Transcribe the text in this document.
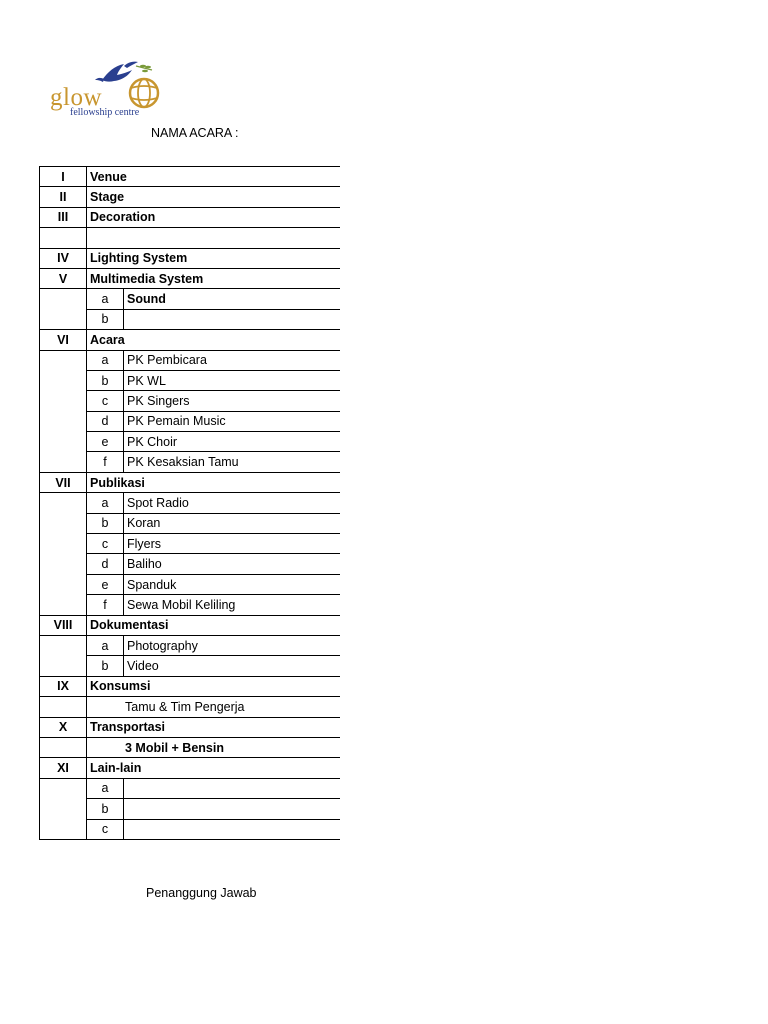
glow
fellowship centre
NAMA ACARA :
I	Venue	
II	Stage	
III	Decoration	

IV	Lighting System	
V	Multimedia System	
	a	Sound
	b	
VI	Acara	
	a	PK Pembicara
	b	PK WL
	c	PK Singers
	d	PK Pemain Music
	e	PK Choir
	f	PK Kesaksian Tamu
VII	Publikasi	
	a	Spot Radio
	b	Koran
	c	Flyers
	d	Baliho
	e	Spanduk
	f	Sewa Mobil Keliling
VIII	Dokumentasi	
	a	Photography
	b	Video
IX	Konsumsi	
	Tamu & Tim Pengerja	
X	Transportasi	
	3 Mobil + Bensin	
XI	Lain-lain	
	a	
	b	
	c	
Penanggung Jawab
